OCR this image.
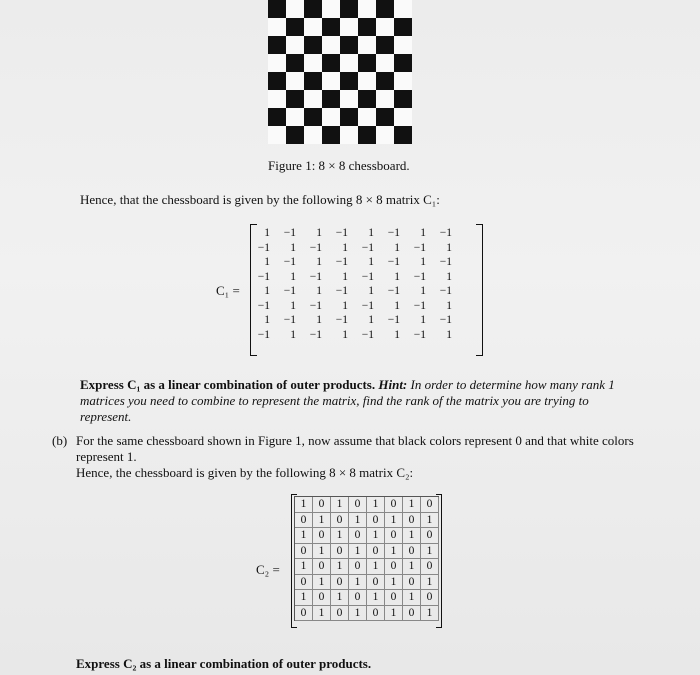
Figure 1: 8 × 8 chessboard.
Hence, that the chessboard is given by the following 8 × 8 matrix C₁:
C₁ =
1	−1	1	−1	1	−1	1	−1
−1	1	−1	1	−1	1	−1	1
1	−1	1	−1	1	−1	1	−1
−1	1	−1	1	−1	1	−1	1
1	−1	1	−1	1	−1	1	−1
−1	1	−1	1	−1	1	−1	1
1	−1	1	−1	1	−1	1	−1
−1	1	−1	1	−1	1	−1	1
Express C₁ as a linear combination of outer products. Hint: In order to determine how many rank 1 matrices you need to combine to represent the matrix, find the rank of the matrix you are trying to represent.
(b) For the same chessboard shown in Figure 1, now assume that black colors represent 0 and that white colors represent 1.
Hence, the chessboard is given by the following 8 × 8 matrix C₂:
C₂ =
1	0	1	0	1	0	1	0
0	1	0	1	0	1	0	1
1	0	1	0	1	0	1	0
0	1	0	1	0	1	0	1
1	0	1	0	1	0	1	0
0	1	0	1	0	1	0	1
1	0	1	0	1	0	1	0
0	1	0	1	0	1	0	1
Express C₂ as a linear combination of outer products.
